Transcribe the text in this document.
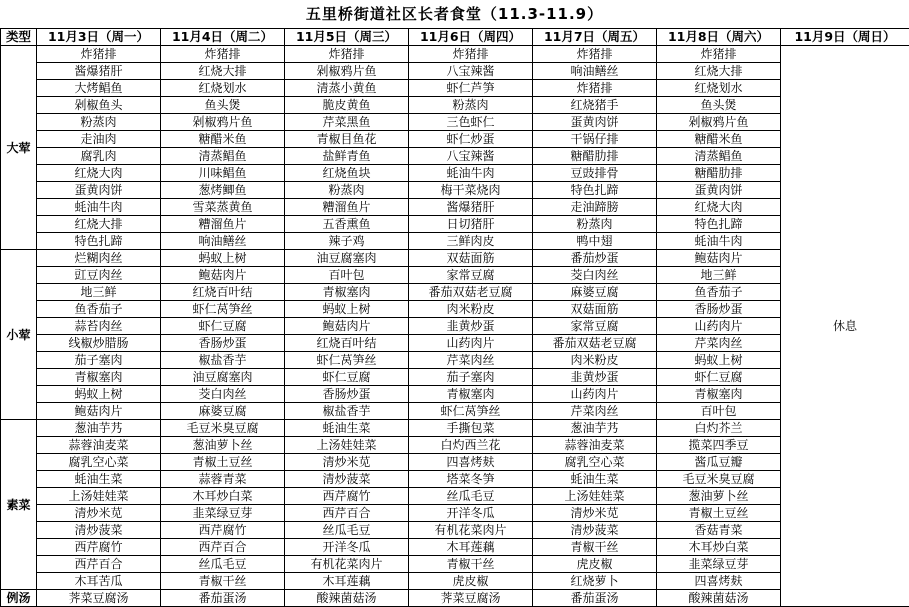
五里桥街道社区长者食堂（11.3-11.9）
类型	11月3日（周一）	11月4日（周二）	11月5日（周三）	11月6日（周四）	11月7日（周五）	11月8日（周六）	11月9日（周日）
大荤	炸猪排	炸猪排	炸猪排	炸猪排	炸猪排	炸猪排	休息
	酱爆猪肝	红烧大排	剁椒鸦片鱼	八宝辣酱	响油鳝丝	红烧大排	
	大烤鲳鱼	红烧划水	清蒸小黄鱼	虾仁芦笋	炸猪排	红烧划水	
	剁椒鱼头	鱼头煲	脆皮黄鱼	粉蒸肉	红烧猪手	鱼头煲	
	粉蒸肉	剁椒鸦片鱼	芹菜黑鱼	三色虾仁	蛋黄肉饼	剁椒鸦片鱼	
	走油肉	糖醋米鱼	青椒目鱼花	虾仁炒蛋	干锅仔排	糖醋米鱼	
	腐乳肉	清蒸鲳鱼	盐鲜青鱼	八宝辣酱	糖醋肋排	清蒸鲳鱼	
	红烧大肉	川味鲳鱼	红烧鱼块	蚝油牛肉	豆豉排骨	糖醋肋排	
	蛋黄肉饼	葱烤鲫鱼	粉蒸肉	梅干菜烧肉	特色扎蹄	蛋黄肉饼	
	蚝油牛肉	雪菜蒸黄鱼	糟溜鱼片	酱爆猪肝	走油蹄膀	红烧大肉	
	红烧大排	糟溜鱼片	五香熏鱼	日切猪肝	粉蒸肉	特色扎蹄	
	特色扎蹄	响油鳝丝	辣子鸡	三鲜肉皮	鸭中翅	蚝油牛肉	
小荤	烂糊肉丝	蚂蚁上树	油豆腐塞肉	双菇面筋	番茄炒蛋	鲍菇肉片	
	豇豆肉丝	鲍菇肉片	百叶包	家常豆腐	茭白肉丝	地三鲜	
	地三鲜	红烧百叶结	青椒塞肉	番茄双菇老豆腐	麻婆豆腐	鱼香茄子	
	鱼香茄子	虾仁莴笋丝	蚂蚁上树	肉米粉皮	双菇面筋	香肠炒蛋	
	蒜苔肉丝	虾仁豆腐	鲍菇肉片	韭黄炒蛋	家常豆腐	山药肉片	
	线椒炒腊肠	香肠炒蛋	红烧百叶结	山药肉片	番茄双菇老豆腐	芹菜肉丝	
	茄子塞肉	椒盐香芋	虾仁莴笋丝	芹菜肉丝	肉米粉皮	蚂蚁上树	
	青椒塞肉	油豆腐塞肉	虾仁豆腐	茄子塞肉	韭黄炒蛋	虾仁豆腐	
	蚂蚁上树	茭白肉丝	香肠炒蛋	青椒塞肉	山药肉片	青椒塞肉	
	鲍菇肉片	麻婆豆腐	椒盐香芋	虾仁莴笋丝	芹菜肉丝	百叶包	
素菜	葱油芋艿	毛豆米臭豆腐	蚝油生菜	手撕包菜	葱油芋艿	白灼芥兰	
	蒜蓉油麦菜	葱油萝卜丝	上汤娃娃菜	白灼西兰花	蒜蓉油麦菜	揽菜四季豆	
	腐乳空心菜	青椒土豆丝	清炒米苋	四喜烤麸	腐乳空心菜	酱瓜豆瓣	
	蚝油生菜	蒜蓉青菜	清炒菠菜	塔菜冬笋	蚝油生菜	毛豆米臭豆腐	
	上汤娃娃菜	木耳炒白菜	西芹腐竹	丝瓜毛豆	上汤娃娃菜	葱油萝卜丝	
	清炒米苋	韭菜绿豆芽	西芹百合	开洋冬瓜	清炒米苋	青椒土豆丝	
	清炒菠菜	西芹腐竹	丝瓜毛豆	有机花菜肉片	清炒菠菜	香菇青菜	
	西芹腐竹	西芹百合	开洋冬瓜	木耳莲藕	青椒干丝	木耳炒白菜	
	西芹百合	丝瓜毛豆	有机花菜肉片	青椒干丝	虎皮椒	韭菜绿豆芽	
	木耳苦瓜	青椒干丝	木耳莲藕	虎皮椒	红烧萝卜	四喜烤麸	
例汤	荠菜豆腐汤	番茄蛋汤	酸辣菌菇汤	荠菜豆腐汤	番茄蛋汤	酸辣菌菇汤	
